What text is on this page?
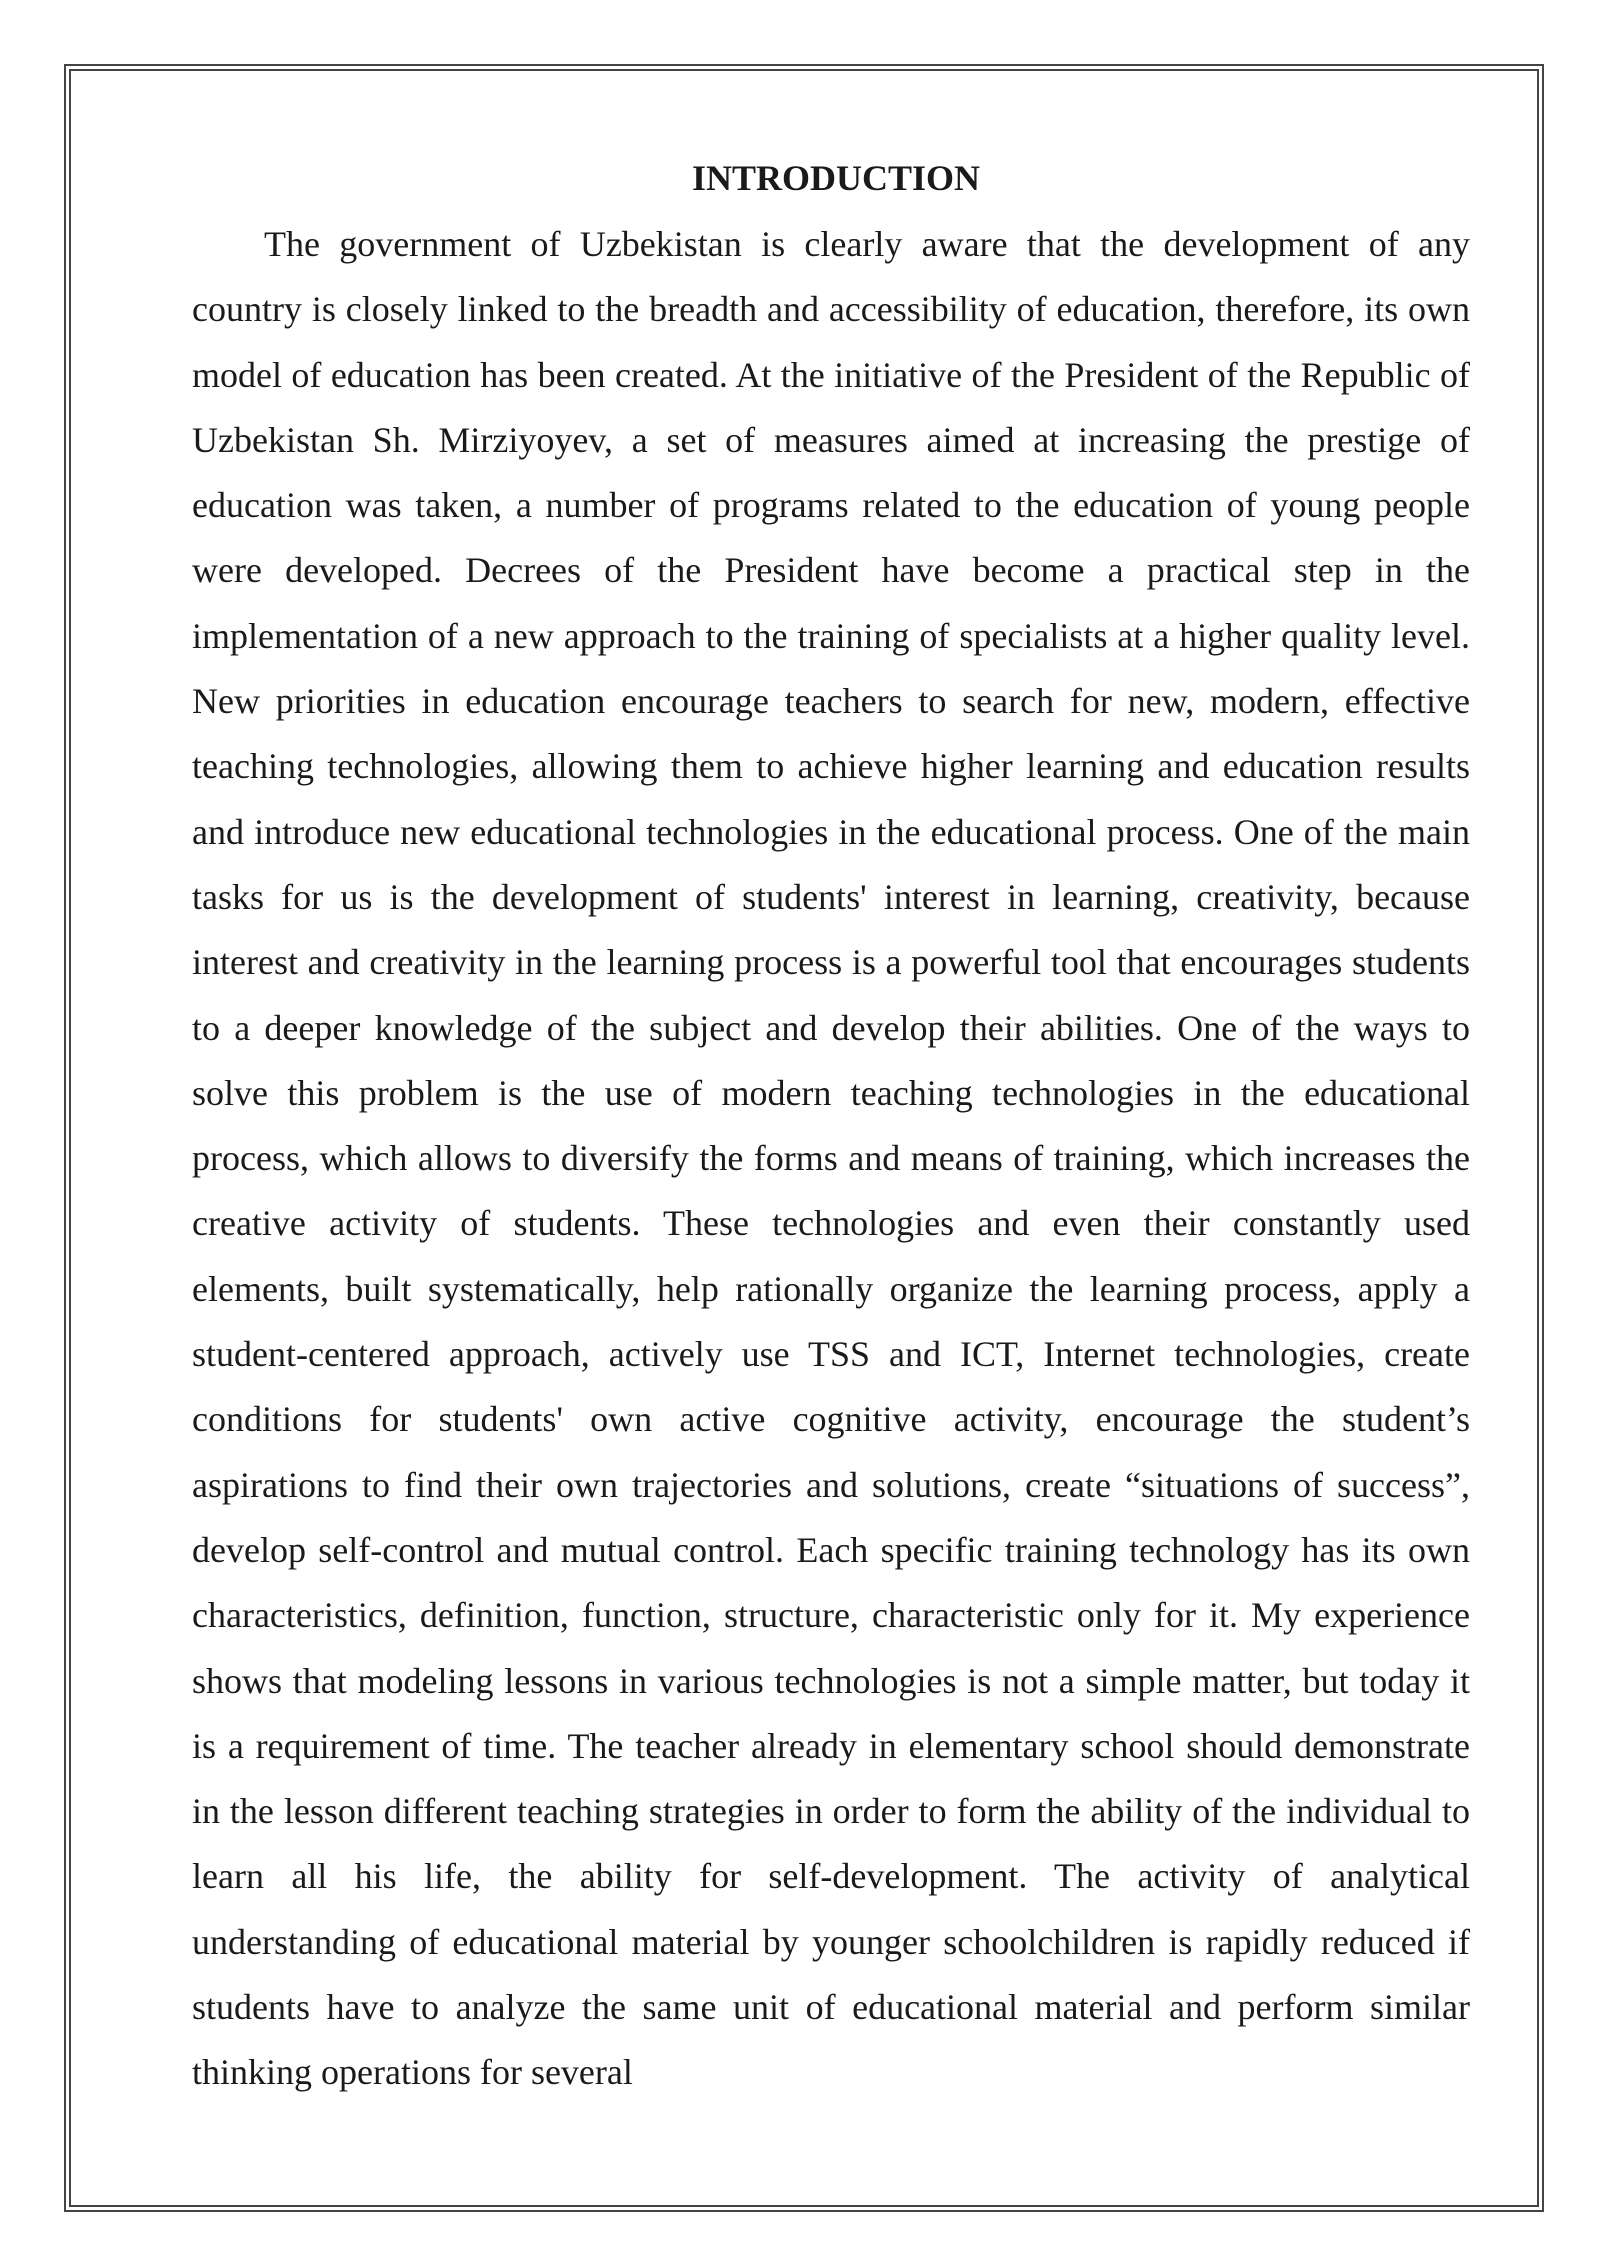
INTRODUCTION

The government of Uzbekistan is clearly aware that the development of any country is closely linked to the breadth and accessibility of education, therefore, its own model of education has been created. At the initiative of the President of the Republic of Uzbekistan Sh. Mirziyoyev, a set of measures aimed at increasing the prestige of education was taken, a number of programs related to the education of young people were developed. Decrees of the President have become a practical step in the implementation of a new approach to the training of specialists at a higher quality level. New priorities in education encourage teachers to search for new, modern, effective teaching technologies, allowing them to achieve higher learning and education results and introduce new educational technologies in the educational process. One of the main tasks for us is the development of students' interest in learning, creativity, because interest and creativity in the learning process is a powerful tool that encourages students to a deeper knowledge of the subject and develop their abilities. One of the ways to solve this problem is the use of modern teaching technologies in the educational process, which allows to diversify the forms and means of training, which increases the creative activity of students. These technologies and even their constantly used elements, built systematically, help rationally organize the learning process, apply a student-centered approach, actively use TSS and ICT, Internet technologies, create conditions for students' own active cognitive activity, encourage the student’s aspirations to find their own trajectories and solutions, create “situations of success”, develop self-control and mutual control. Each specific training technology has its own characteristics, definition, function, structure, characteristic only for it. My experience shows that modeling lessons in various technologies is not a simple matter, but today it is a requirement of time. The teacher already in elementary school should demonstrate in the lesson different teaching strategies in order to form the ability of the individual to learn all his life, the ability for self-development. The activity of analytical understanding of educational material by younger schoolchildren is rapidly reduced if students have to analyze the same unit of educational material and perform similar thinking operations for several
